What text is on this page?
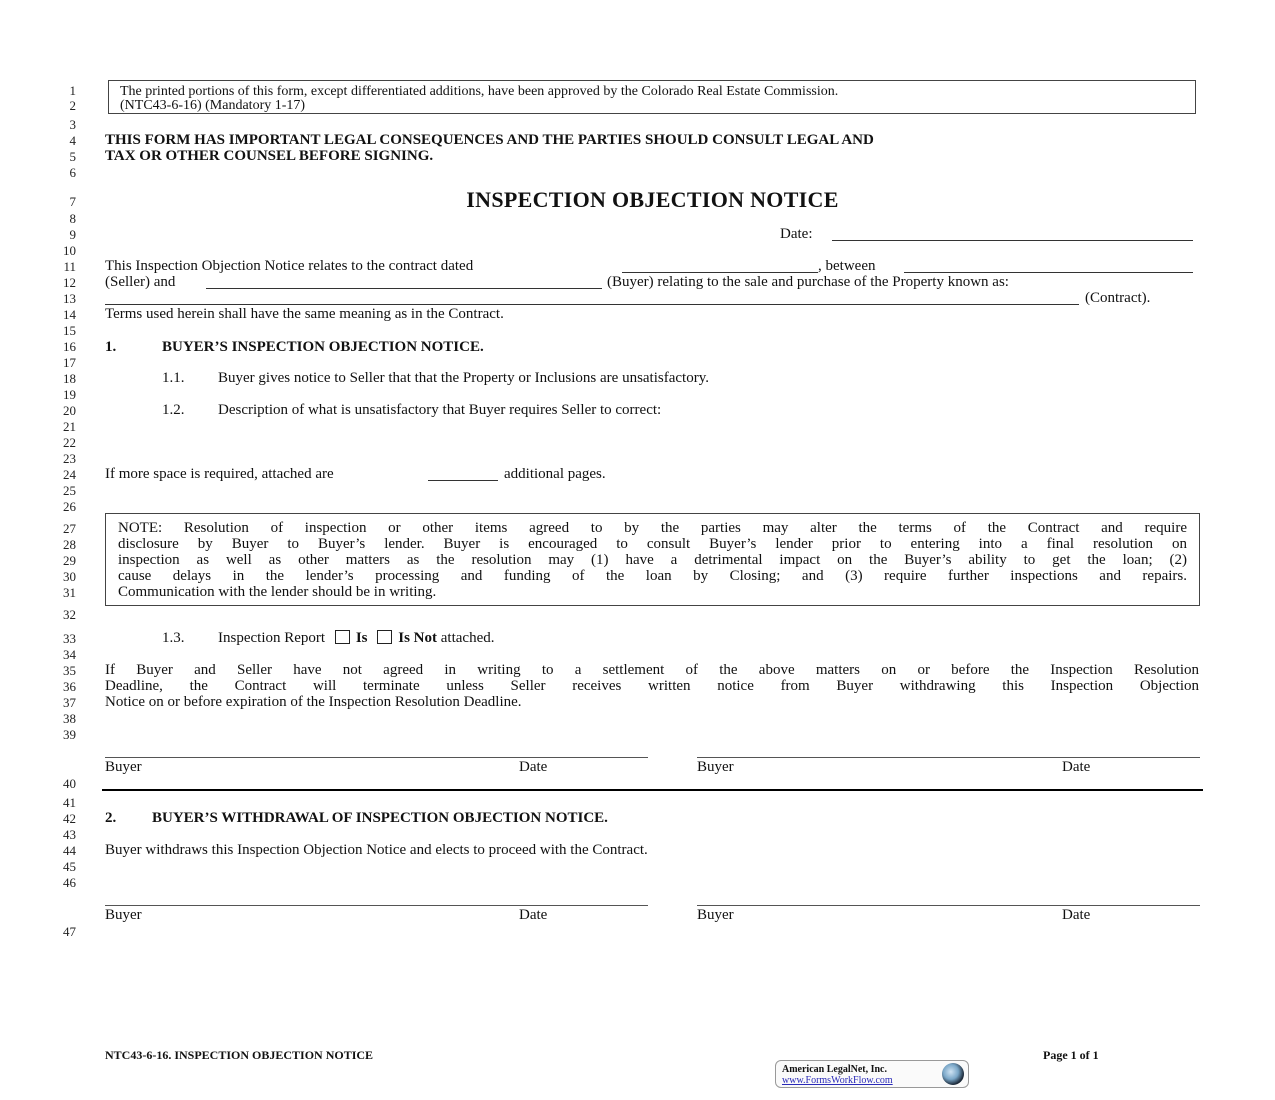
1
2
3
4
5
6
7
8
9
10
11
12
13
14
15
16
17
18
19
20
21
22
23
24
25
26
27
28
29
30
31
32
33
34
35
36
37
38
39
40
41
42
43
44
45
46
47
The printed portions of this form, except differentiated additions, have been approved by the Colorado Real Estate Commission.
(NTC43-6-16) (Mandatory 1-17)
THIS FORM HAS IMPORTANT LEGAL CONSEQUENCES AND THE PARTIES SHOULD CONSULT LEGAL AND
TAX OR OTHER COUNSEL BEFORE SIGNING.
INSPECTION OBJECTION NOTICE
Date:
This Inspection Objection Notice relates to the contract dated	, between
(Seller) and	(Buyer) relating to the sale and purchase of the Property known as:
(Contract).
Terms used herein shall have the same meaning as in the Contract.
1.	BUYER’S INSPECTION OBJECTION NOTICE.
1.1. Buyer gives notice to Seller that that the Property or Inclusions are unsatisfactory.
1.2. Description of what is unsatisfactory that Buyer requires Seller to correct:
If more space is required, attached are	additional pages.
NOTE: Resolution of inspection or other items agreed to by the parties may alter the terms of the Contract and require
disclosure by Buyer to Buyer’s lender. Buyer is encouraged to consult Buyer’s lender prior to entering into a final resolution on
inspection as well as other matters as the resolution may (1) have a detrimental impact on the Buyer’s ability to get the loan; (2)
cause delays in the lender’s processing and funding of the loan by Closing; and (3) require further inspections and repairs.
Communication with the lender should be in writing.
1.3. Inspection Report Is Is Not attached.
If Buyer and Seller have not agreed in writing to a settlement of the above matters on or before the Inspection Resolution
Deadline, the Contract will terminate unless Seller receives written notice from Buyer withdrawing this Inspection Objection
Notice on or before expiration of the Inspection Resolution Deadline.
Buyer	Date	Buyer	Date
2. BUYER’S WITHDRAWAL OF INSPECTION OBJECTION NOTICE.
Buyer withdraws this Inspection Objection Notice and elects to proceed with the Contract.
Buyer	Date	Buyer	Date
NTC43-6-16. INSPECTION OBJECTION NOTICE	Page 1 of 1
American LegalNet, Inc.
www.FormsWorkFlow.com
